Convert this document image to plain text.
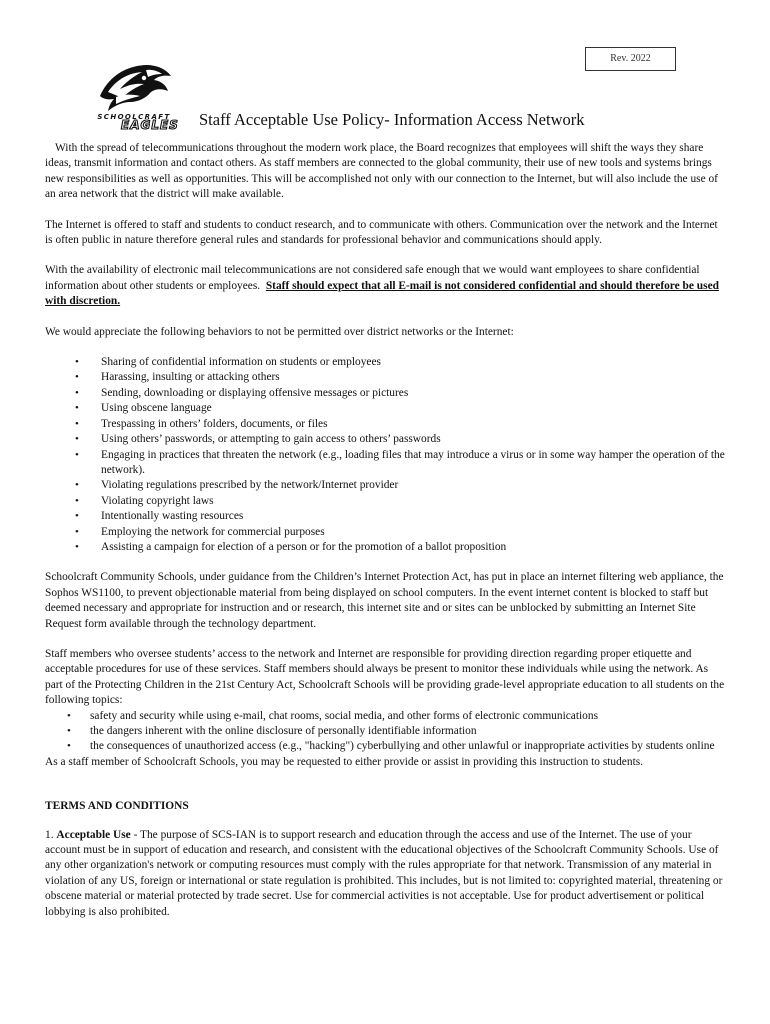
Rev. 2022
SCHOOLCRAFT
EAGLES Staff Acceptable Use Policy- Information Access Network

With the spread of telecommunications throughout the modern work place, the Board recognizes that employees will shift the ways they share ideas, transmit information and contact others. As staff members are connected to the global community, their use of new tools and systems brings new responsibilities as well as opportunities. This will be accomplished not only with our connection to the Internet, but will also include the use of an area network that the district will make available.

The Internet is offered to staff and students to conduct research, and to communicate with others. Communication over the network and the Internet is often public in nature therefore general rules and standards for professional behavior and communications should apply.

With the availability of electronic mail telecommunications are not considered safe enough that we would want employees to share confidential information about other students or employees. Staff should expect that all E-mail is not considered confidential and should therefore be used with discretion.

We would appreciate the following behaviors to not be permitted over district networks or the Internet:

• Sharing of confidential information on students or employees
• Harassing, insulting or attacking others
• Sending, downloading or displaying offensive messages or pictures
• Using obscene language
• Trespassing in others’ folders, documents, or files
• Using others’ passwords, or attempting to gain access to others’ passwords
• Engaging in practices that threaten the network (e.g., loading files that may introduce a virus or in some way hamper the operation of the network).
• Violating regulations prescribed by the network/Internet provider
• Violating copyright laws
• Intentionally wasting resources
• Employing the network for commercial purposes
• Assisting a campaign for election of a person or for the promotion of a ballot proposition

Schoolcraft Community Schools, under guidance from the Children’s Internet Protection Act, has put in place an internet filtering web appliance, the Sophos WS1100, to prevent objectionable material from being displayed on school computers. In the event internet content is blocked to staff but deemed necessary and appropriate for instruction and or research, this internet site and or sites can be unblocked by submitting an Internet Site Request form available through the technology department.

Staff members who oversee students’ access to the network and Internet are responsible for providing direction regarding proper etiquette and acceptable procedures for use of these services. Staff members should always be present to monitor these individuals while using the network. As part of the Protecting Children in the 21st Century Act, Schoolcraft Schools will be providing grade-level appropriate education to all students on the following topics:

• safety and security while using e-mail, chat rooms, social media, and other forms of electronic communications
• the dangers inherent with the online disclosure of personally identifiable information
• the consequences of unauthorized access (e.g., "hacking") cyberbullying and other unlawful or inappropriate activities by students online

As a staff member of Schoolcraft Schools, you may be requested to either provide or assist in providing this instruction to students.

TERMS AND CONDITIONS

1. Acceptable Use - The purpose of SCS-IAN is to support research and education through the access and use of the Internet. The use of your account must be in support of education and research, and consistent with the educational objectives of the Schoolcraft Community Schools. Use of any other organization's network or computing resources must comply with the rules appropriate for that network. Transmission of any material in violation of any US, foreign or international or state regulation is prohibited. This includes, but is not limited to: copyrighted material, threatening or obscene material or material protected by trade secret. Use for commercial activities is not acceptable. Use for product advertisement or political lobbying is also prohibited.
